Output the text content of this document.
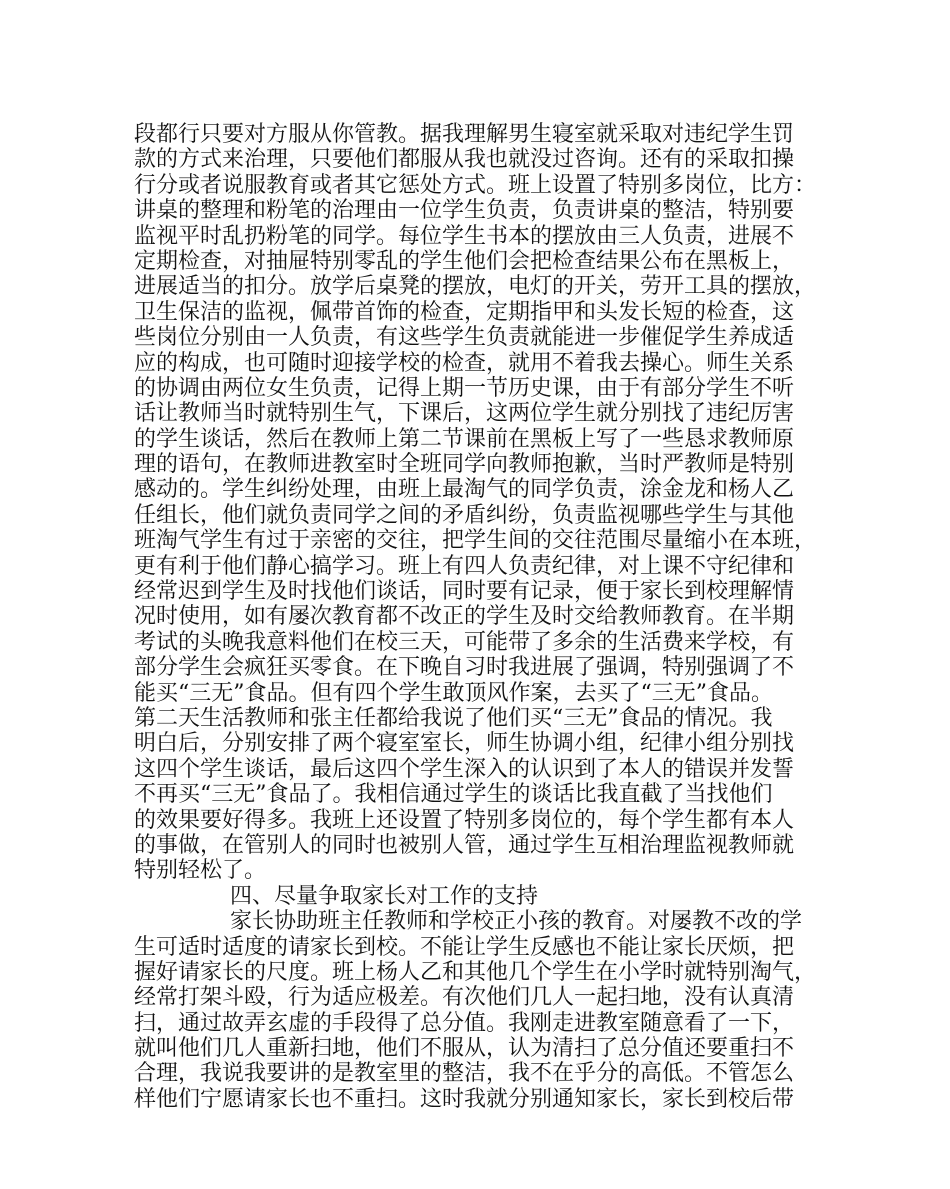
段都行只要对方服从你管教。据我理解男生寝室就采取对违纪学生罚
款的方式来治理，只要他们都服从我也就没过咨询。还有的采取扣操
行分或者说服教育或者其它惩处方式。班上设置了特别多岗位，比方：
讲桌的整理和粉笔的治理由一位学生负责，负责讲桌的整洁，特别要
监视平时乱扔粉笔的同学。每位学生书本的摆放由三人负责，进展不
定期检查，对抽屉特别零乱的学生他们会把检查结果公布在黑板上，
进展适当的扣分。放学后桌凳的摆放，电灯的开关，劳开工具的摆放，
卫生保洁的监视，佩带首饰的检查，定期指甲和头发长短的检查，这
些岗位分别由一人负责，有这些学生负责就能进一步催促学生养成适
应的构成，也可随时迎接学校的检查，就用不着我去操心。师生关系
的协调由两位女生负责，记得上期一节历史课，由于有部分学生不听
话让教师当时就特别生气，下课后，这两位学生就分别找了违纪厉害
的学生谈话，然后在教师上第二节课前在黑板上写了一些恳求教师原
理的语句，在教师进教室时全班同学向教师抱歉，当时严教师是特别
感动的。学生纠纷处理，由班上最淘气的同学负责，涂金龙和杨人乙
任组长，他们就负责同学之间的矛盾纠纷，负责监视哪些学生与其他
班淘气学生有过于亲密的交往，把学生间的交往范围尽量缩小在本班，
更有利于他们静心搞学习。班上有四人负责纪律，对上课不守纪律和
经常迟到学生及时找他们谈话，同时要有记录，便于家长到校理解情
况时使用，如有屡次教育都不改正的学生及时交给教师教育。在半期
考试的头晚我意料他们在校三天，可能带了多余的生活费来学校，有
部分学生会疯狂买零食。在下晚自习时我进展了强调，特别强调了不
能买“三无”食品。但有四个学生敢顶风作案，去买了“三无”食品。
第二天生活教师和张主任都给我说了他们买“三无”食品的情况。我
明白后，分别安排了两个寝室室长，师生协调小组，纪律小组分别找
这四个学生谈话，最后这四个学生深入的认识到了本人的错误并发誓
不再买“三无”食品了。我相信通过学生的谈话比我直截了当找他们
的效果要好得多。我班上还设置了特别多岗位的，每个学生都有本人
的事做，在管别人的同时也被别人管，通过学生互相治理监视教师就
特别轻松了。
四、尽量争取家长对工作的支持
家长协助班主任教师和学校正小孩的教育。对屡教不改的学
生可适时适度的请家长到校。不能让学生反感也不能让家长厌烦，把
握好请家长的尺度。班上杨人乙和其他几个学生在小学时就特别淘气，
经常打架斗殴，行为适应极差。有次他们几人一起扫地，没有认真清
扫，通过故弄玄虚的手段得了总分值。我刚走进教室随意看了一下，
就叫他们几人重新扫地，他们不服从，认为清扫了总分值还要重扫不
合理，我说我要讲的是教室里的整洁，我不在乎分的高低。不管怎么
样他们宁愿请家长也不重扫。这时我就分别通知家长，家长到校后带
